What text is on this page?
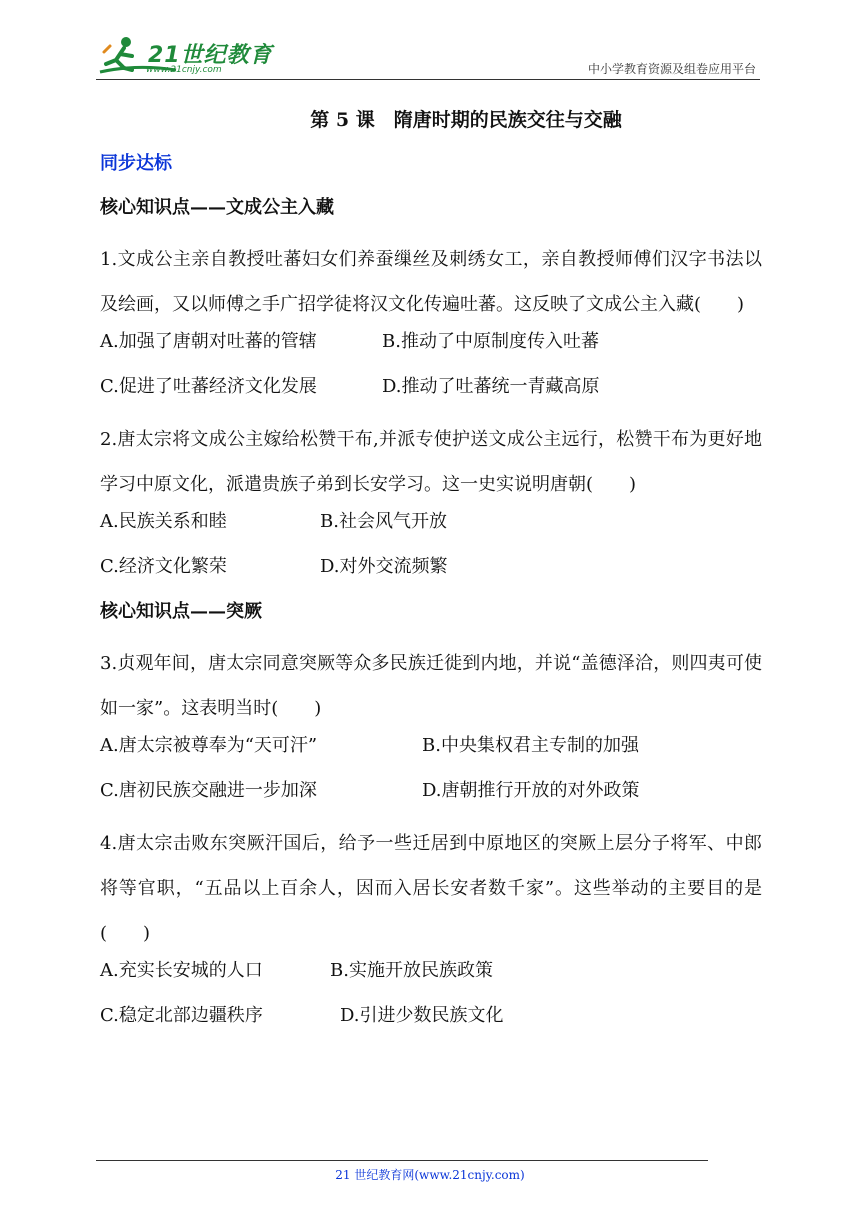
21世纪教育
www.21cnjy.com	中小学教育资源及组卷应用平台
第 5 课　隋唐时期的民族交往与交融
同步达标
核心知识点——文成公主入藏

1.文成公主亲自教授吐蕃妇女们养蚕缫丝及刺绣女工，亲自教授师傅们汉字书法以及绘画，又以师傅之手广招学徒将汉文化传遍吐蕃。这反映了文成公主入藏(　　)

A.加强了唐朝对吐蕃的管辖	B.推动了中原制度传入吐蕃
C.促进了吐蕃经济文化发展	D.推动了吐蕃统一青藏高原

2.唐太宗将文成公主嫁给松赞干布,并派专使护送文成公主远行，松赞干布为更好地学习中原文化，派遣贵族子弟到长安学习。这一史实说明唐朝(　　)

A.民族关系和睦	B.社会风气开放
C.经济文化繁荣	D.对外交流频繁
核心知识点——突厥

3.贞观年间，唐太宗同意突厥等众多民族迁徙到内地，并说“盖德泽洽，则四夷可使如一家”。这表明当时(　　)

A.唐太宗被尊奉为“天可汗”	B.中央集权君主专制的加强
C.唐初民族交融进一步加深	D.唐朝推行开放的对外政策

4.唐太宗击败东突厥汗国后，给予一些迁居到中原地区的突厥上层分子将军、中郎将等官职，“五品以上百余人，因而入居长安者数千家”。这些举动的主要目的是(　　)

A.充实长安城的人口	B.实施开放民族政策
C.稳定北部边疆秩序	D.引进少数民族文化
21 世纪教育网(www.21cnjy.com)
